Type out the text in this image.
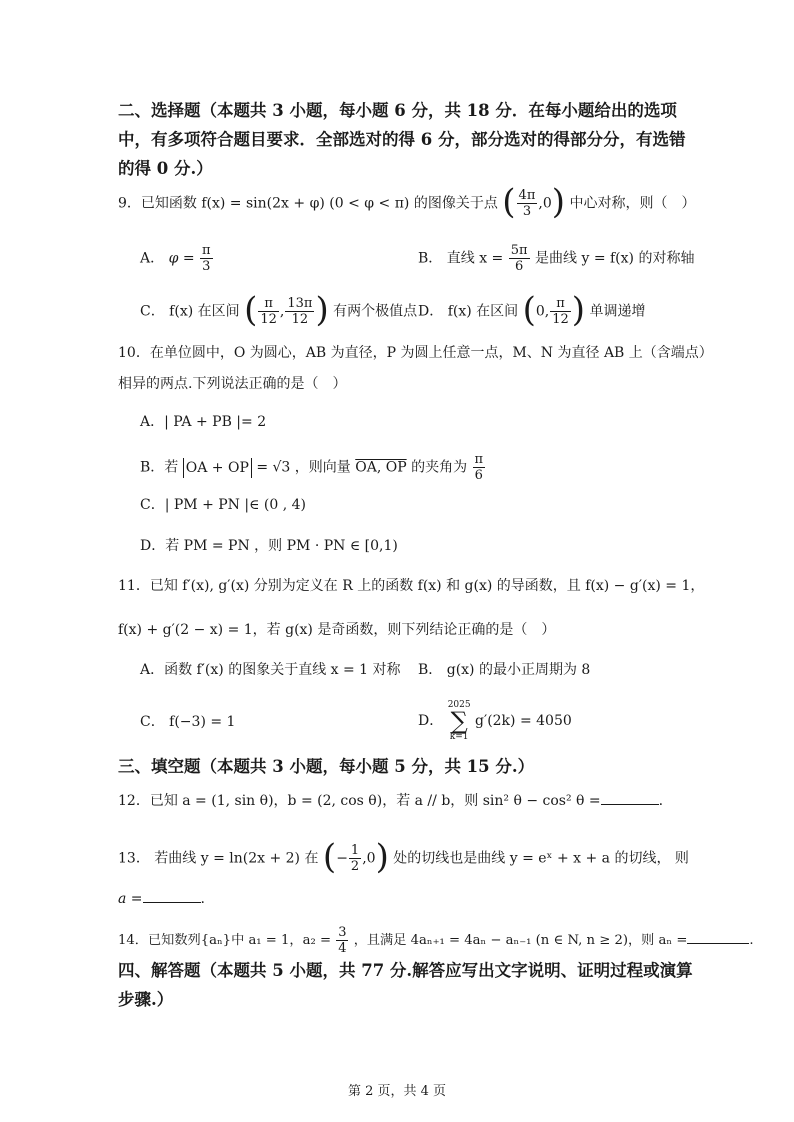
二、选择题（本题共 3 小题，每小题 6 分，共 18 分．在每小题给出的选项
中，有多项符合题目要求．全部选对的得 6 分，部分选对的得部分分，有选错
的得 0 分.）
9．已知函数 f(x) = sin(2x + φ) (0 < φ < π) 的图像关于点 ( $\frac{4\pi}{3} ,0$) 中心对称，则（　）
A． $\varphi = \frac{\pi}{3}$	B． 直线 $x = \frac{5\pi}{6}$ 是曲线 y = f(x) 的对称轴
C． f(x) 在区间 ( $\frac{\pi}{12}$ , $\frac{13\pi}{12}$ ) 有两个极值点 D． f(x) 在区间 (0, $\frac{\pi}{12}$ ) 单调递增
10．在单位圆中，O 为圆心，AB 为直径，P 为圆上任意一点，M、N 为直径 AB 上（含端点）
相异的两点.下列说法正确的是（　）
A．| PA + PB |= 2
B．若 OA + OP = √3 ，则向量 OA, OP 的夹角为 $\frac{\pi}{6}$
C．| PM + PN |∈ (0 , 4)
D．若 PM = PN ，则 PM · PN ∈ [0,1)
11．已知 f′(x), g′(x) 分别为定义在 R 上的函数 f(x) 和 g(x) 的导函数，且 f(x) − g′(x) = 1，
f(x) + g′(2 − x) = 1，若 g(x) 是奇函数，则下列结论正确的是（　）
A．函数 f′(x) 的图象关于直线 x = 1 对称 B． g(x) 的最小正周期为 8
C． f(−3) = 1	D．
2025
∑
k=1
g′(2k) = 4050
三、填空题（本题共 3 小题，每小题 5 分，共 15 分.）
12．已知 a = (1, sin θ)，b = (2, cos θ)，若 a // b，则 sin² θ − cos² θ =	.
13． 若曲线 y = ln(2x + 2) 在 (− $\frac{1}{2} ,0$) 处的切线也是曲线 y = eˣ + x + a 的切线， 则
a =	.
14．已知数列{aₙ}中 a₁ = 1，$a_2 = \frac{3}{4}$ ，且满足 4aₙ₊₁ = 4aₙ − aₙ₋₁ (n ∈ N, n ≥ 2)，则 aₙ =	.
四、解答题（本题共 5 小题，共 77 分.解答应写出文字说明、证明过程或演算
步骤.）
第 2 页，共 4 页
